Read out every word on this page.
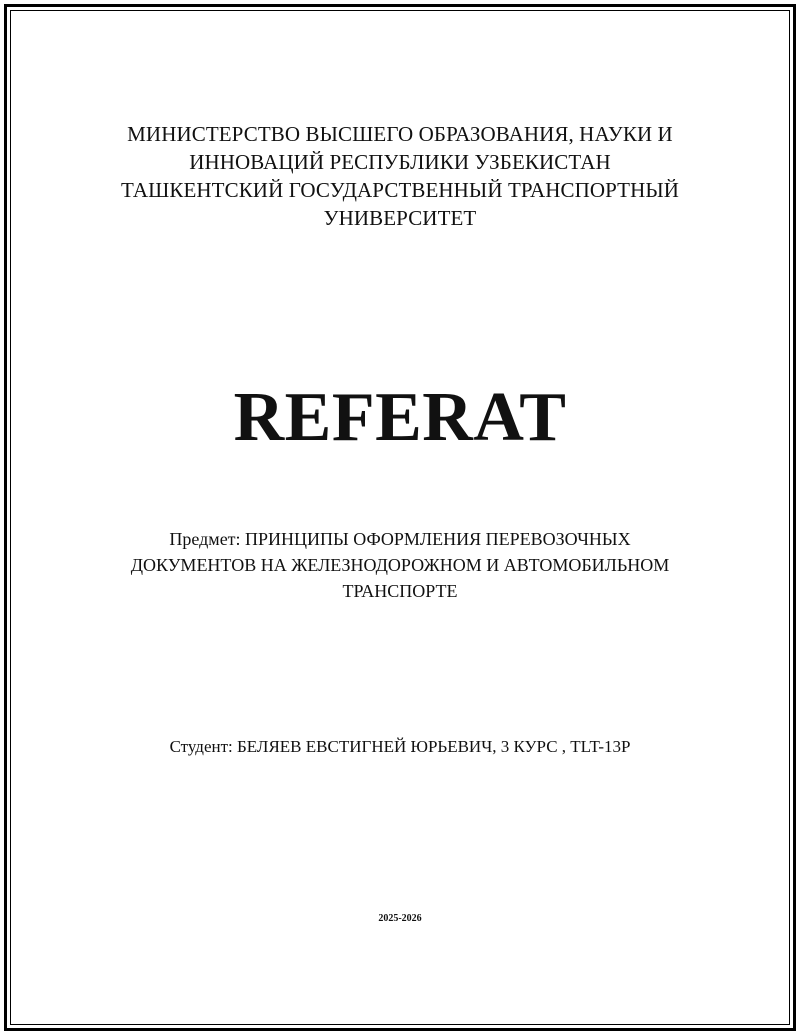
МИНИСТЕРСТВО ВЫСШЕГО ОБРАЗОВАНИЯ, НАУКИ И
ИННОВАЦИЙ РЕСПУБЛИКИ УЗБЕКИСТАН
ТАШКЕНТСКИЙ ГОСУДАРСТВЕННЫЙ ТРАНСПОРТНЫЙ
УНИВЕРСИТЕТ
REFERAT
Предмет: ПРИНЦИПЫ ОФОРМЛЕНИЯ ПЕРЕВОЗОЧНЫХ
ДОКУМЕНТОВ НА ЖЕЛЕЗНОДОРОЖНОМ И АВТОМОБИЛЬНОМ
ТРАНСПОРТЕ
Студент: БЕЛЯЕВ ЕВСТИГНЕЙ ЮРЬЕВИЧ, 3 КУРС , TLT-13P
2025-2026
